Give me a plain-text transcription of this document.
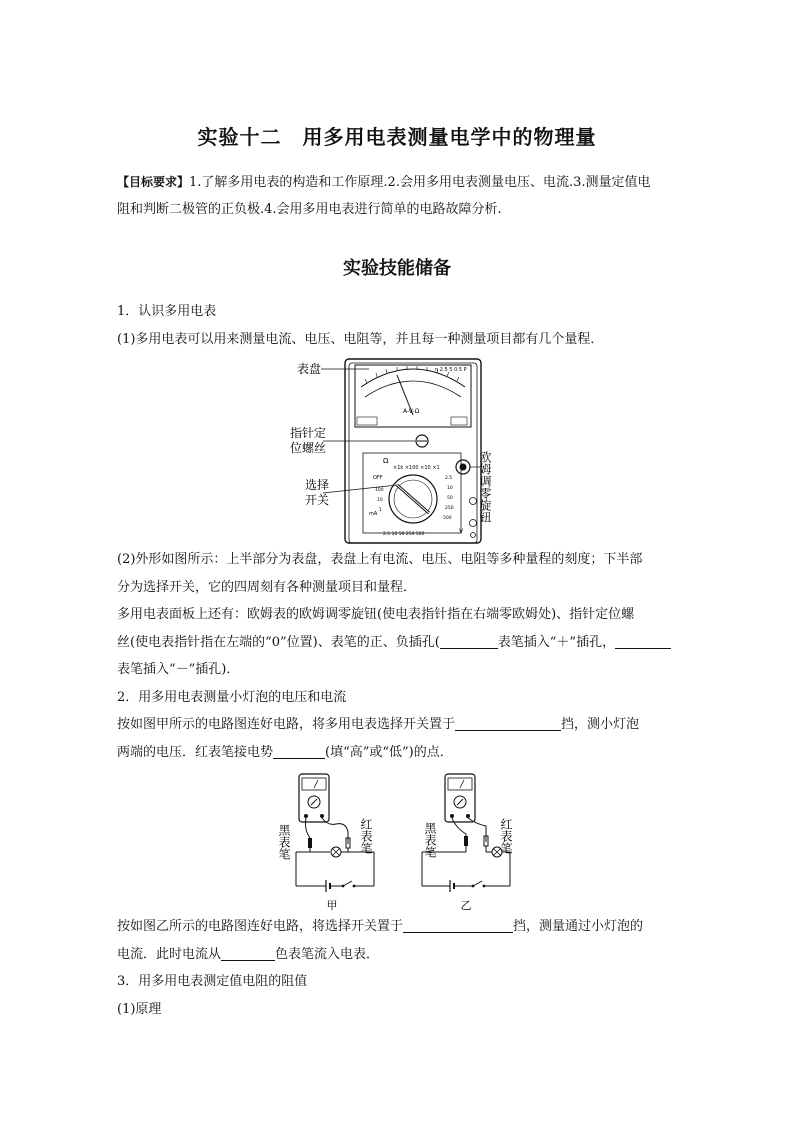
实验十二　用多用电表测量电学中的物理量
【目标要求】1.了解多用电表的构造和工作原理.2.会用多用电表测量电压、电流.3.测量定值电
阻和判断二极管的正负极.4.会用多用电表进行简单的电路故障分析.
实验技能储备
1．认识多用电表
(1)多用电表可以用来测量电流、电压、电阻等，并且每一种测量项目都有几个量程．
n 2.5 5 0.5 P
A-V-Ω
Ω
×1k ×100 ×10 ×1
OFF
mA
V
2.5 10 50 250 500
100
10
1
2.5
10
50
250
500
表盘
指针定
位螺丝
选择
开关	欧姆调零旋钮
(2)外形如图所示：上半部分为表盘，表盘上有电流、电压、电阻等多种量程的刻度；下半部
分为选择开关，它的四周刻有各种测量项目和量程．
多用电表面板上还有：欧姆表的欧姆调零旋钮(使电表指针指在右端零欧姆处)、指针定位螺
丝(使电表指针指在左端的“0”位置)、表笔的正、负插孔(	表笔插入“＋”插孔，
表笔插入“－”插孔)．
2．用多用电表测量小灯泡的电压和电流
按如图甲所示的电路图连好电路，将多用电表选择开关置于	挡，测小灯泡
两端的电压．红表笔接电势	(填“高”或“低”)的点．
甲	乙
黑表笔	红表笔	黑表笔	红表笔
按如图乙所示的电路图连好电路，将选择开关置于	挡，测量通过小灯泡的
电流．此时电流从	色表笔流入电表．
3．用多用电表测定值电阻的阻值
(1)原理
